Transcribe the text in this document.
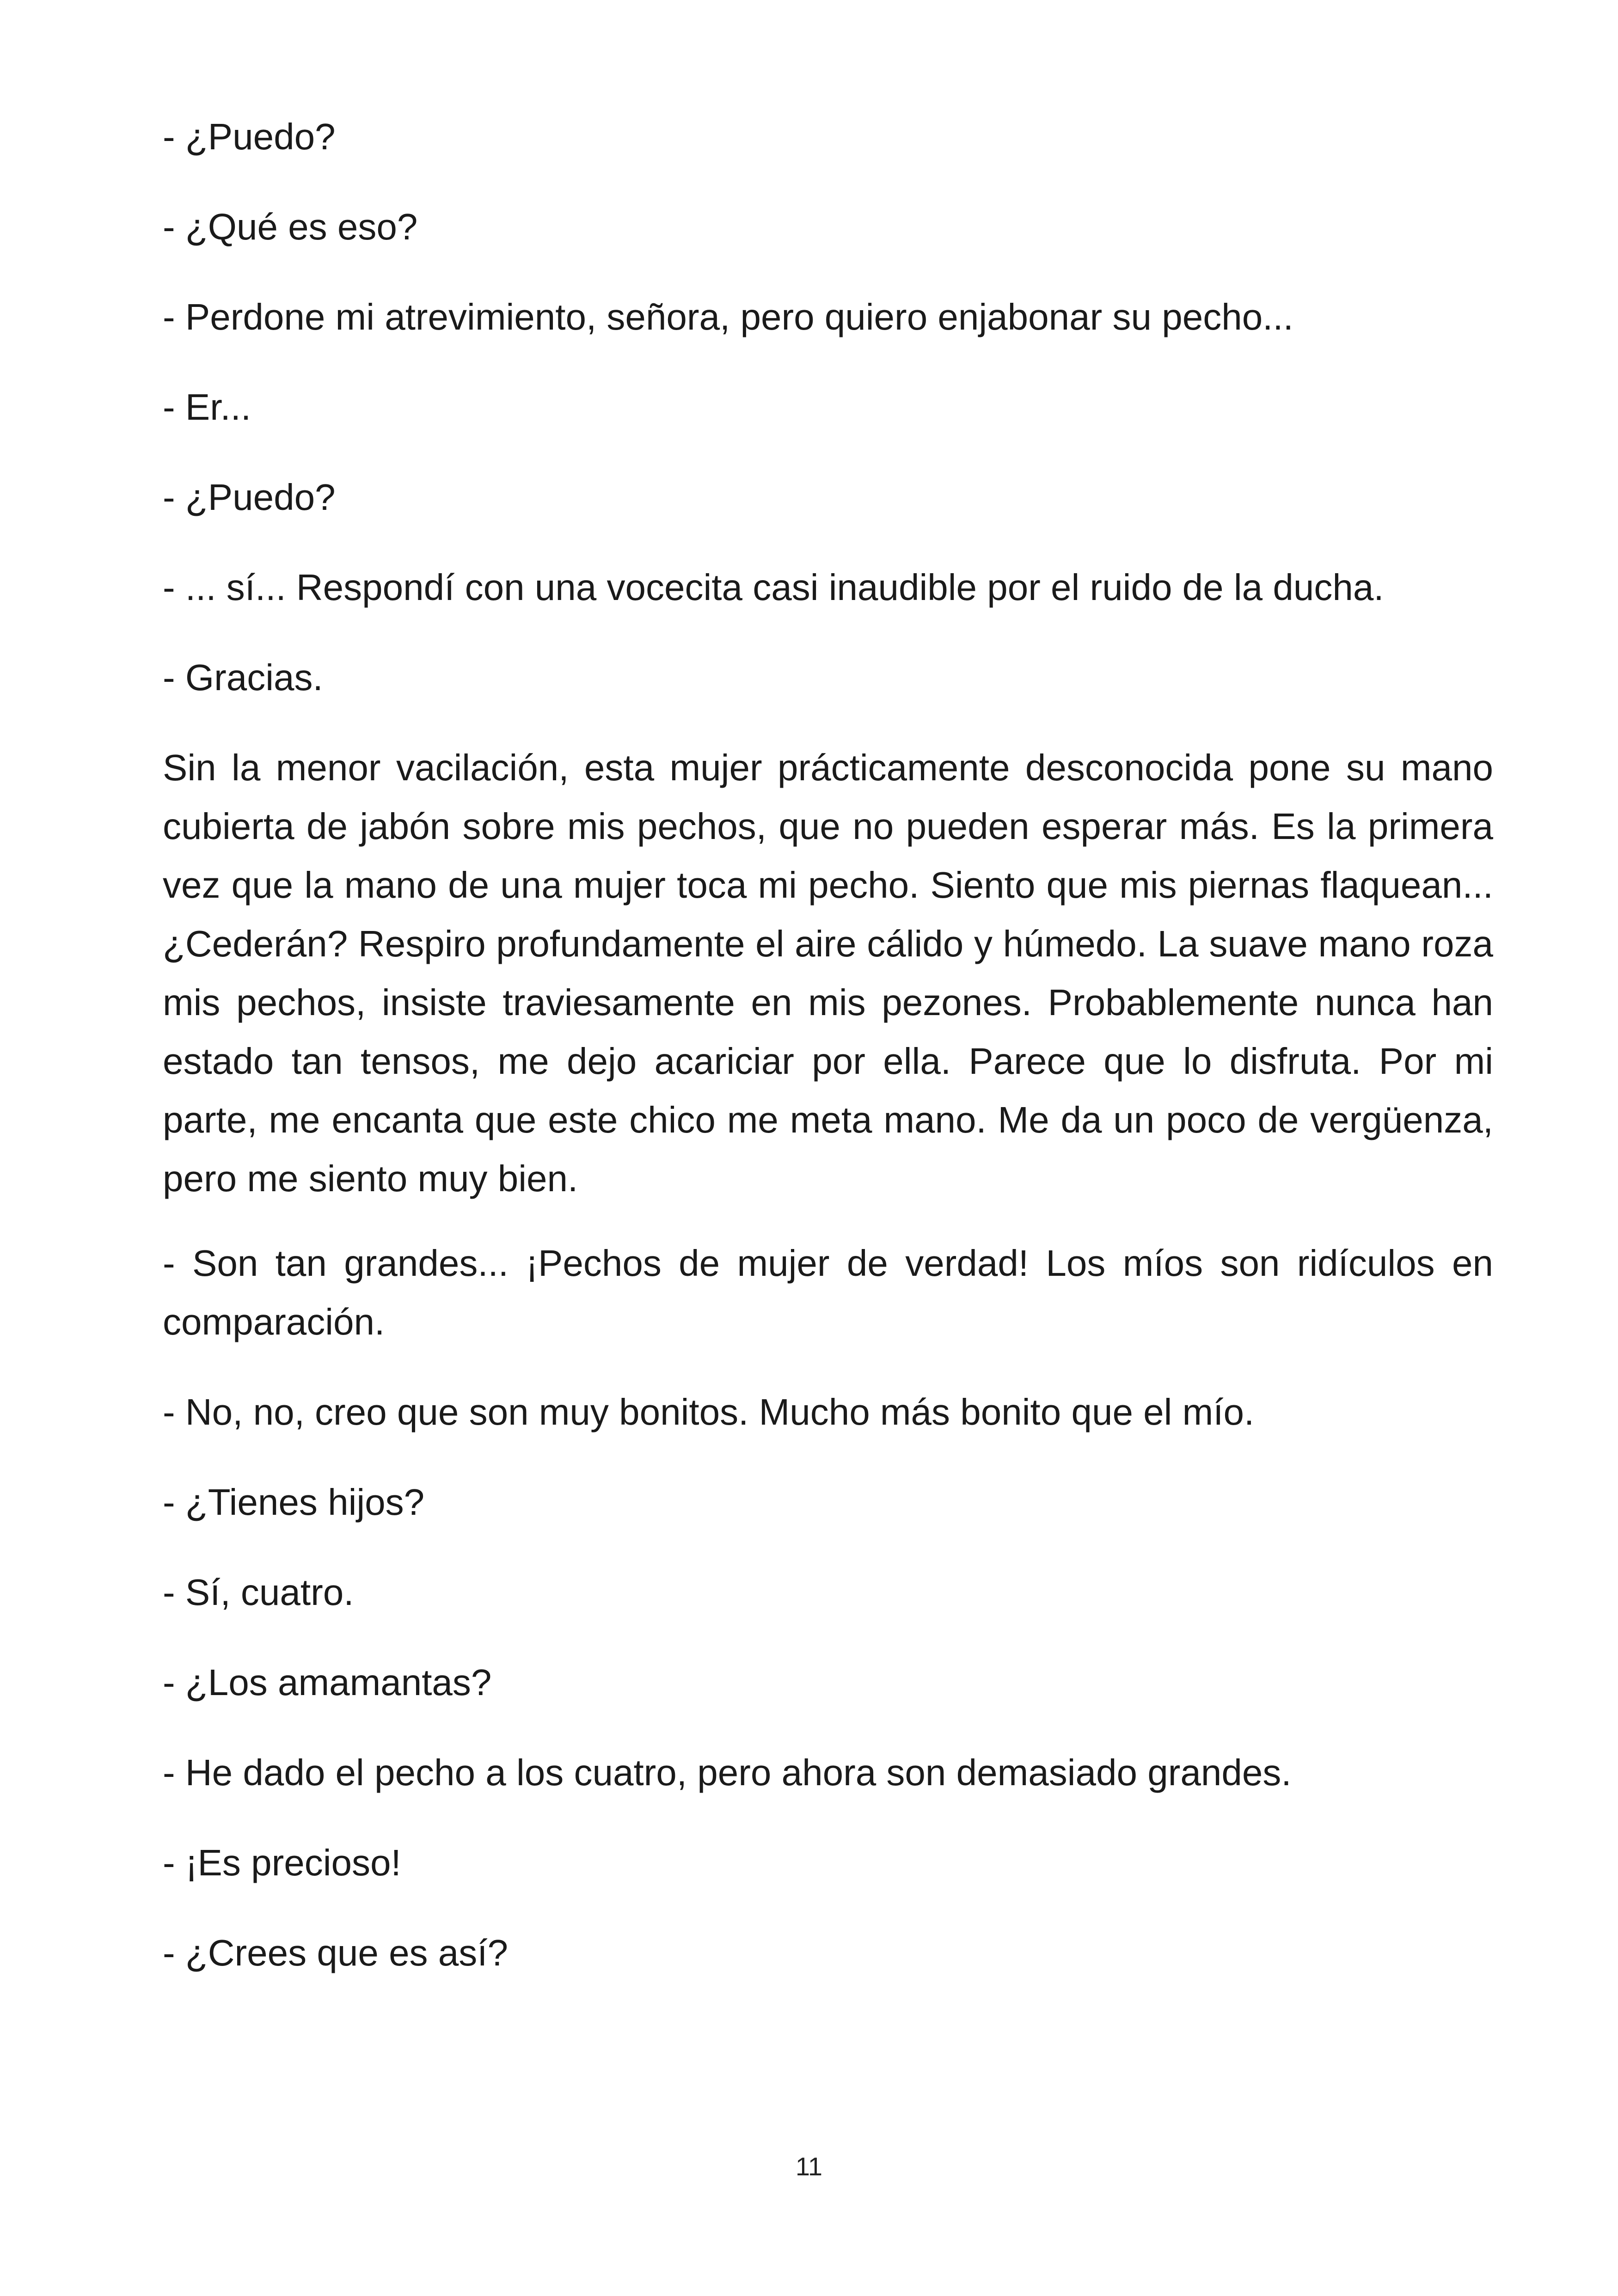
- ¿Puedo?

- ¿Qué es eso?

- Perdone mi atrevimiento, señora, pero quiero enjabonar su pecho...

- Er...

- ¿Puedo?

- ... sí... Respondí con una vocecita casi inaudible por el ruido de la ducha.

- Gracias.

Sin la menor vacilación, esta mujer prácticamente desconocida pone su mano cubierta de jabón sobre mis pechos, que no pueden esperar más. Es la primera vez que la mano de una mujer toca mi pecho. Siento que mis piernas flaquean... ¿Cederán? Respiro profundamente el aire cálido y húmedo. La suave mano roza mis pechos, insiste traviesamente en mis pezones. Probablemente nunca han estado tan tensos, me dejo acariciar por ella. Parece que lo disfruta. Por mi parte, me encanta que este chico me meta mano. Me da un poco de vergüenza, pero me siento muy bien.

- Son tan grandes... ¡Pechos de mujer de verdad! Los míos son ridículos en comparación.

- No, no, creo que son muy bonitos. Mucho más bonito que el mío.

- ¿Tienes hijos?

- Sí, cuatro.

- ¿Los amamantas?

- He dado el pecho a los cuatro, pero ahora son demasiado grandes.

- ¡Es precioso!

- ¿Crees que es así?

11
